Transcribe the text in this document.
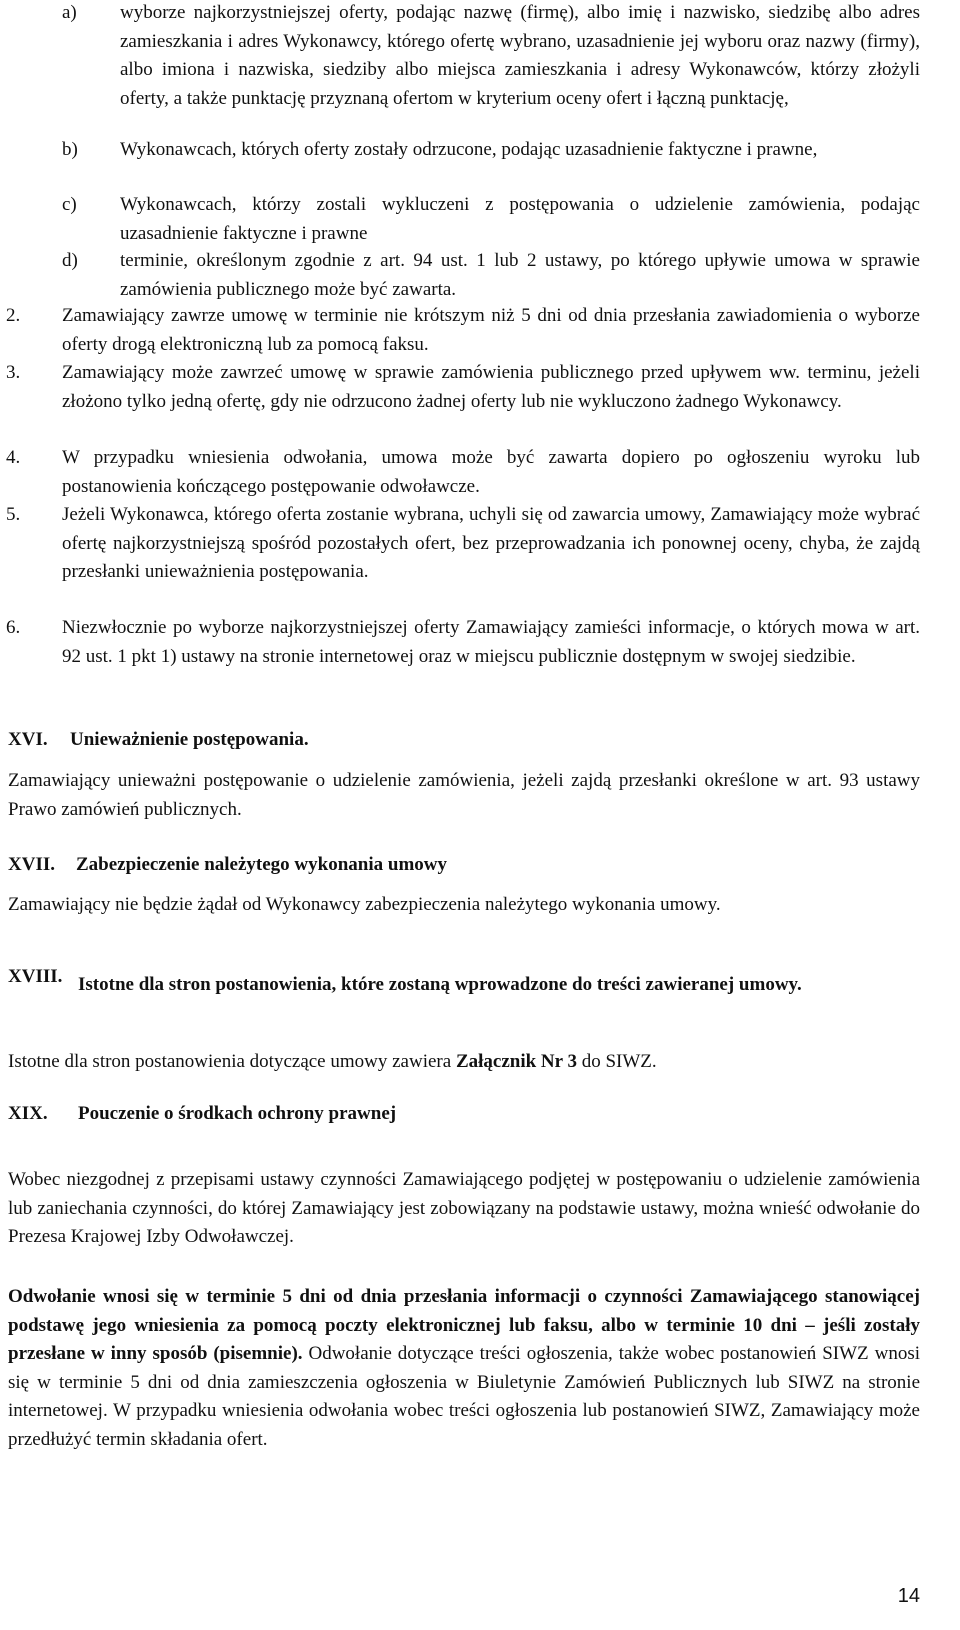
a) wyborze najkorzystniejszej oferty, podając nazwę (firmę), albo imię i nazwisko, siedzibę albo adres zamieszkania i adres Wykonawcy, którego ofertę wybrano, uzasadnienie jej wyboru oraz nazwy (firmy), albo imiona i nazwiska, siedziby albo miejsca zamieszkania i adresy Wykonawców, którzy złożyli oferty, a także punktację przyznaną ofertom w kryterium oceny ofert i łączną punktację,
b) Wykonawcach, których oferty zostały odrzucone, podając uzasadnienie faktyczne i prawne,
c) Wykonawcach, którzy zostali wykluczeni z postępowania o udzielenie zamówienia, podając uzasadnienie faktyczne i prawne
d) terminie, określonym zgodnie z art. 94 ust. 1 lub 2 ustawy, po którego upływie umowa w sprawie zamówienia publicznego może być zawarta.
2. Zamawiający zawrze umowę w terminie nie krótszym niż 5 dni od dnia przesłania zawiadomienia o wyborze oferty drogą elektroniczną lub za pomocą faksu.
3. Zamawiający może zawrzeć umowę w sprawie zamówienia publicznego przed upływem ww. terminu, jeżeli złożono tylko jedną ofertę, gdy nie odrzucono żadnej oferty lub nie wykluczono żadnego Wykonawcy.
4. W przypadku wniesienia odwołania, umowa może być zawarta dopiero po ogłoszeniu wyroku lub postanowienia kończącego postępowanie odwoławcze.
5. Jeżeli Wykonawca, którego oferta zostanie wybrana, uchyli się od zawarcia umowy, Zamawiający może wybrać ofertę najkorzystniejszą spośród pozostałych ofert, bez przeprowadzania ich ponownej oceny, chyba, że zajdą przesłanki unieważnienia postępowania.
6. Niezwłocznie po wyborze najkorzystniejszej oferty Zamawiający zamieści informacje, o których mowa w art. 92 ust. 1 pkt 1) ustawy na stronie internetowej oraz w miejscu publicznie dostępnym w swojej siedzibie.
XVI. Unieważnienie postępowania.
Zamawiający unieważni postępowanie o udzielenie zamówienia, jeżeli zajdą przesłanki określone w art. 93 ustawy Prawo zamówień publicznych.
XVII. Zabezpieczenie należytego wykonania umowy
Zamawiający nie będzie żądał od Wykonawcy zabezpieczenia należytego wykonania umowy.
XVIII. Istotne dla stron postanowienia, które zostaną wprowadzone do treści zawieranej umowy.
Istotne dla stron postanowienia dotyczące umowy zawiera Załącznik Nr 3 do SIWZ.
XIX. Pouczenie o środkach ochrony prawnej
Wobec niezgodnej z przepisami ustawy czynności Zamawiającego podjętej w postępowaniu o udzielenie zamówienia lub zaniechania czynności, do której Zamawiający jest zobowiązany na podstawie ustawy, można wnieść odwołanie do Prezesa Krajowej Izby Odwoławczej.
Odwołanie wnosi się w terminie 5 dni od dnia przesłania informacji o czynności Zamawiającego stanowiącej podstawę jego wniesienia za pomocą poczty elektronicznej lub faksu, albo w terminie 10 dni – jeśli zostały przesłane w inny sposób (pisemnie). Odwołanie dotyczące treści ogłoszenia, także wobec postanowień SIWZ wnosi się w terminie 5 dni od dnia zamieszczenia ogłoszenia w Biuletynie Zamówień Publicznych lub SIWZ na stronie internetowej. W przypadku wniesienia odwołania wobec treści ogłoszenia lub postanowień SIWZ, Zamawiający może przedłużyć termin składania ofert.
14
